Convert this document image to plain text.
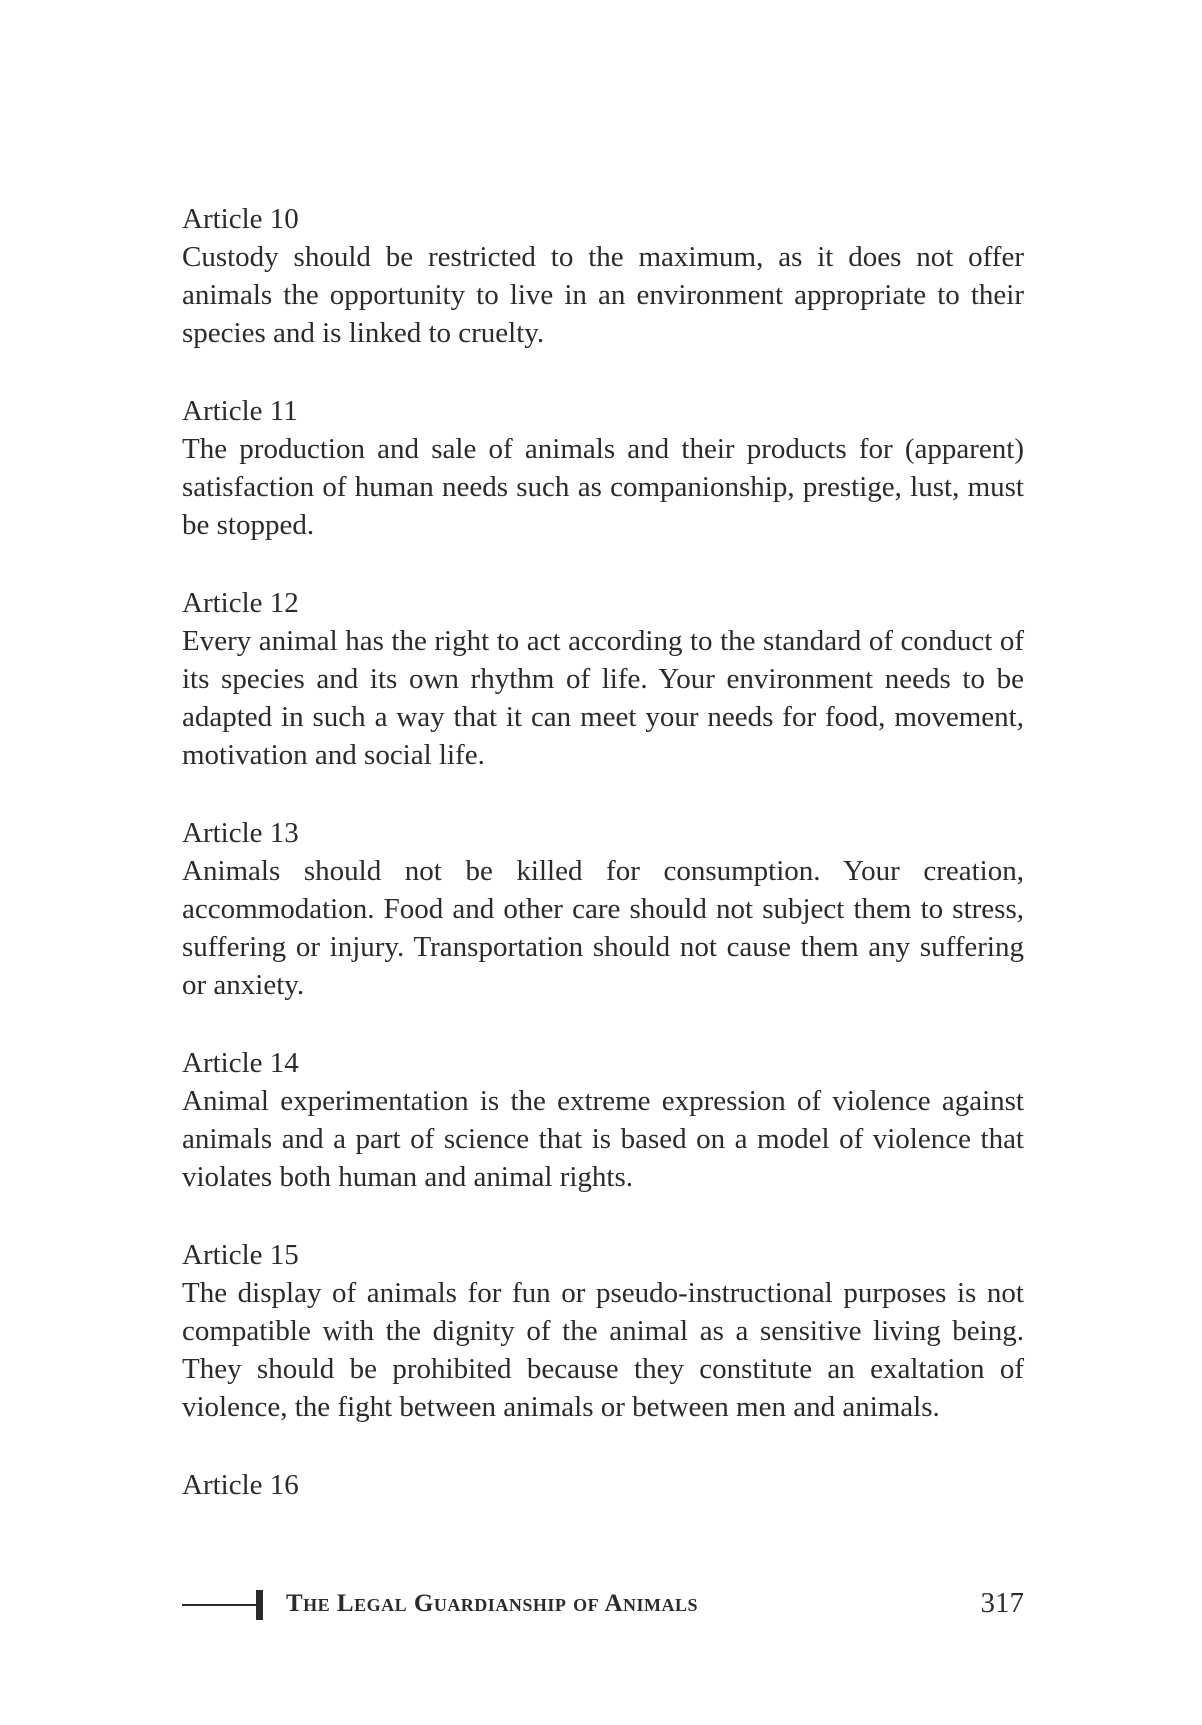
Article 10

Custody should be restricted to the maximum, as it does not offer animals the opportunity to live in an environment appropriate to their species and is linked to cruelty.

Article 11

The production and sale of animals and their products for (apparent) satisfaction of human needs such as companionship, prestige, lust, must be stopped.

Article 12

Every animal has the right to act according to the standard of conduct of its species and its own rhythm of life. Your environment needs to be adapted in such a way that it can meet your needs for food, movement, motivation and social life.

Article 13

Animals should not be killed for consumption. Your creation, accommodation. Food and other care should not subject them to stress, suffering or injury. Transportation should not cause them any suffering or anxiety.

Article 14

Animal experimentation is the extreme expression of violence against animals and a part of science that is based on a model of violence that violates both human and animal rights.

Article 15

The display of animals for fun or pseudo-instructional purposes is not compatible with the dignity of the animal as a sensitive living being. They should be prohibited because they constitute an exaltation of violence, the fight between animals or between men and animals.

Article 16

The Legal Guardianship of Animals	317
